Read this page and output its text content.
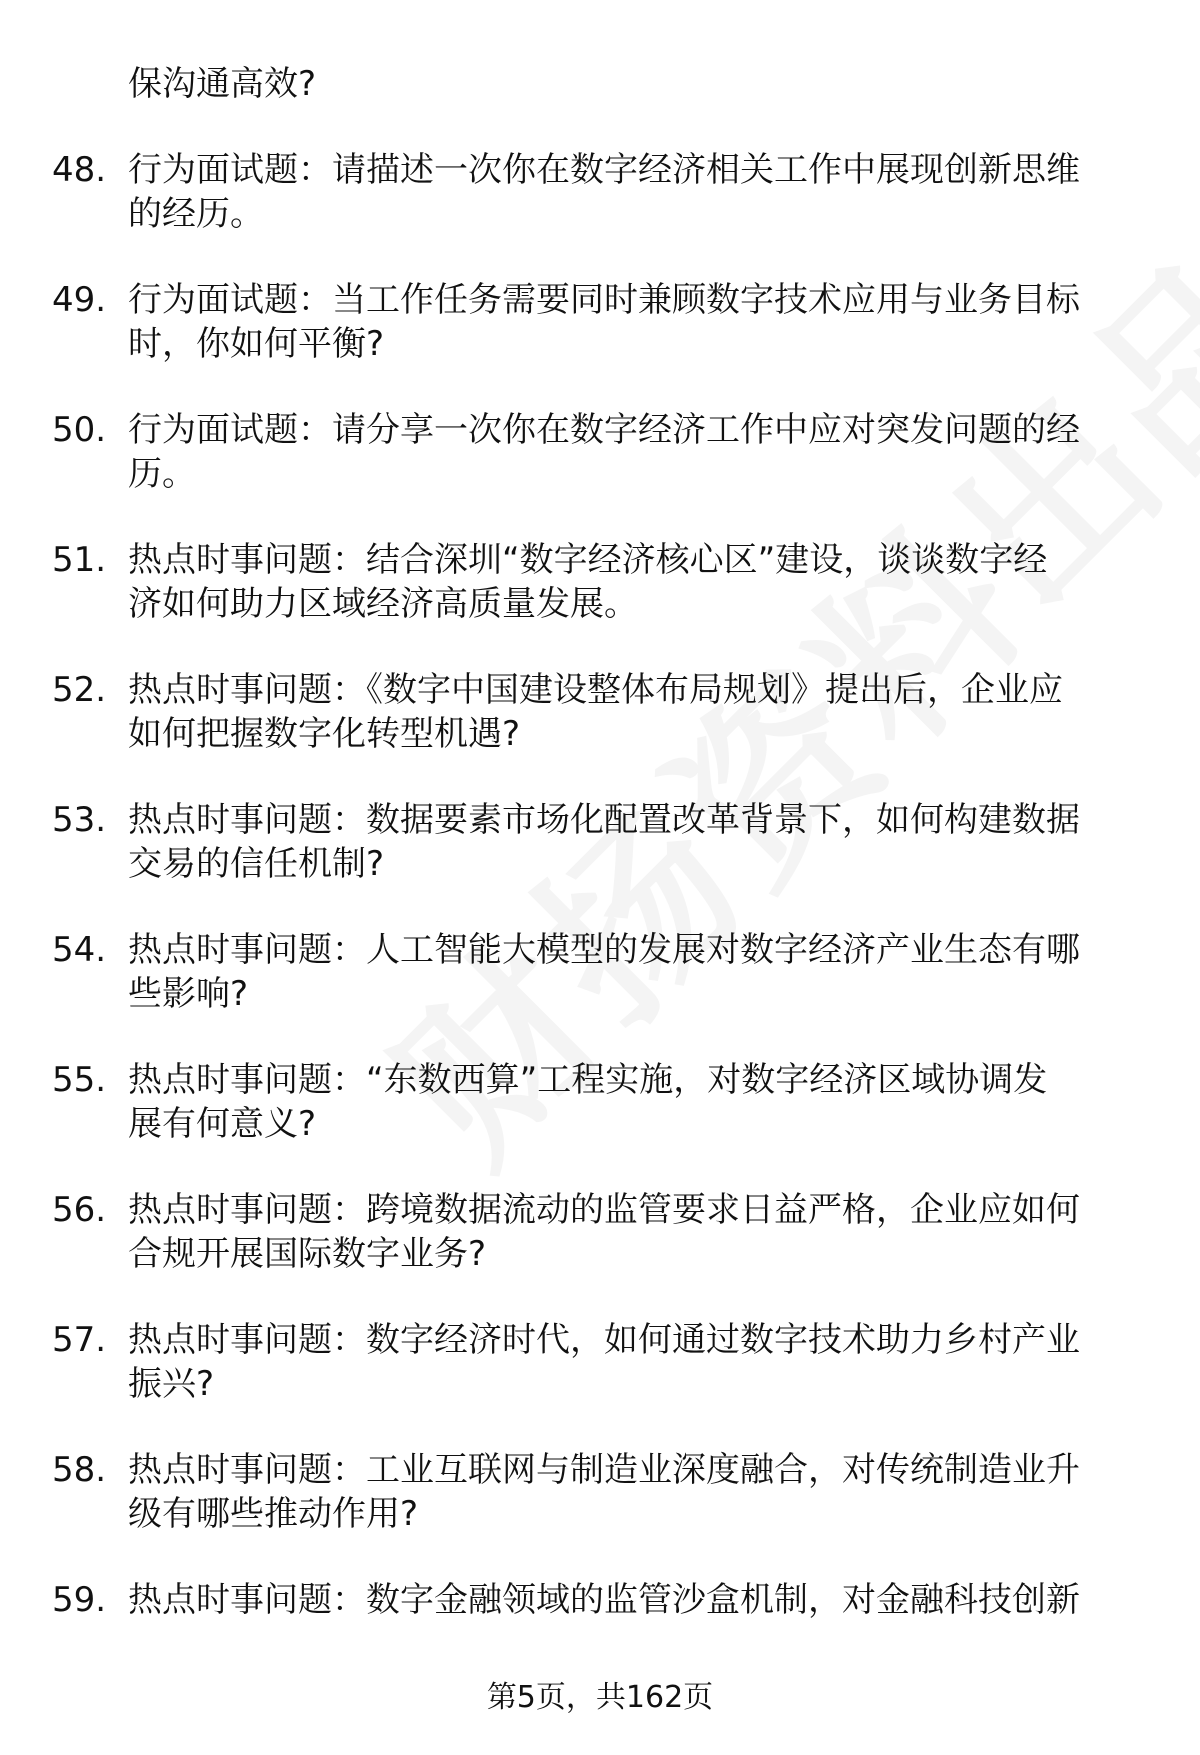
保沟通高效?
48. 行为面试题：请描述一次你在数字经济相关工作中展现创新思维
的经历。
49. 行为面试题：当工作任务需要同时兼顾数字技术应用与业务目标
时，你如何平衡?
50. 行为面试题：请分享一次你在数字经济工作中应对突发问题的经
历。
51. 热点时事问题：结合深圳“数字经济核心区”建设，谈谈数字经
济如何助力区域经济高质量发展。
52. 热点时事问题：《数字中国建设整体布局规划》提出后，企业应
如何把握数字化转型机遇?
53. 热点时事问题：数据要素市场化配置改革背景下，如何构建数据
交易的信任机制?
54. 热点时事问题：人工智能大模型的发展对数字经济产业生态有哪
些影响?
55. 热点时事问题：“东数西算”工程实施，对数字经济区域协调发
展有何意义?
56. 热点时事问题：跨境数据流动的监管要求日益严格，企业应如何
合规开展国际数字业务?
57. 热点时事问题：数字经济时代，如何通过数字技术助力乡村产业
振兴?
58. 热点时事问题：工业互联网与制造业深度融合，对传统制造业升
级有哪些推动作用?
59. 热点时事问题：数字金融领域的监管沙盒机制，对金融科技创新
第5页，共162页
